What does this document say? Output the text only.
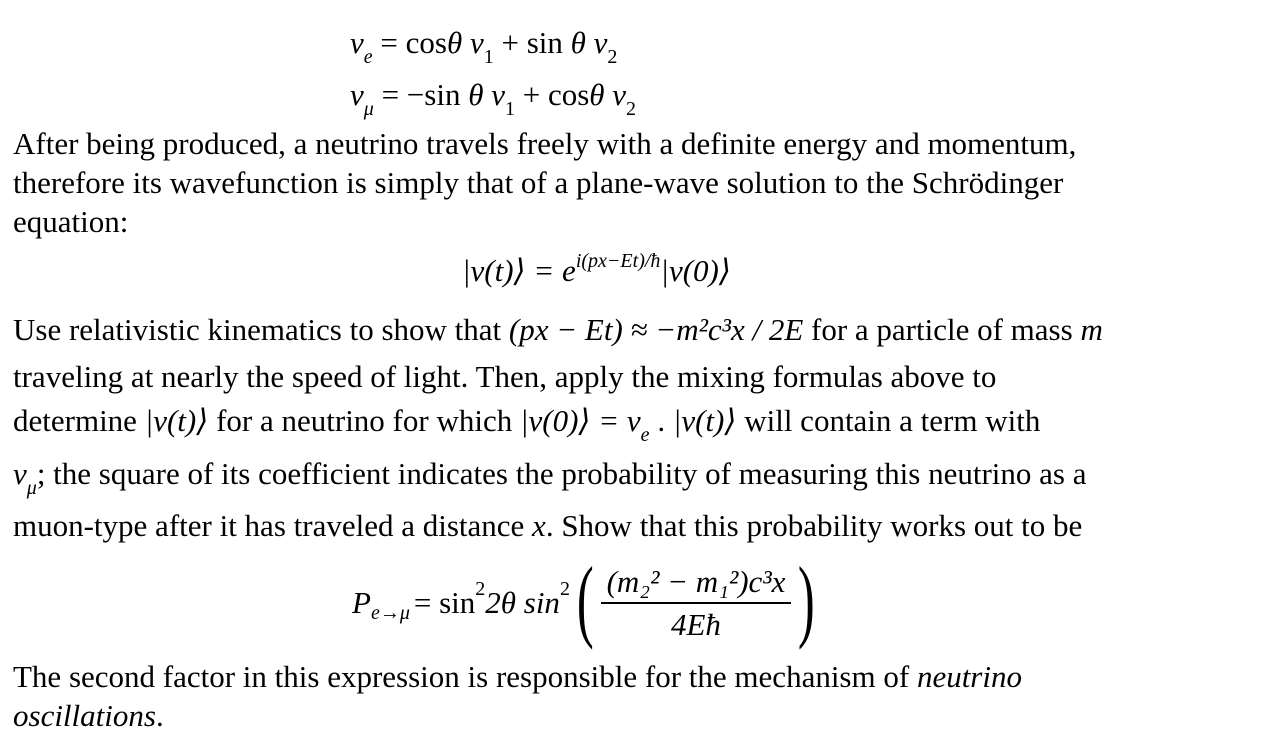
$\nu_e = \cos\theta$ $\nu_1 + \sin \theta$ $\nu_2$
$\nu_\mu = -\sin$ θ $\nu_1 + \cos\theta$ $\nu_2$
After being produced, a neutrino travels freely with a definite energy and momentum,
therefore its wavefunction is simply that of a plane-wave solution to the Schrödinger
equation:
|ν(t)⟩ = $e^{i(px-Et)/ħ}|\nu(0)⟩$
Use relativistic kinematics to show that (px − Et) ≈ −m²c³x / 2E for a particle of mass m
traveling at nearly the speed of light. Then, apply the mixing formulas above to
determine |ν(t)⟩ for a neutrino for which |ν(0)⟩ = $\nu_e$ . |ν(t)⟩ will contain a term with
$\nu_\mu$; the square of its coefficient indicates the probability of measuring this neutrino as a
muon-type after it has traveled a distance x. Show that this probability works out to be
P e→μ = sin 2 2θ sin 2 ( $\frac{\text{(m₂² − m₁²)c³x}}{4Eħ}$ )
The second factor in this expression is responsible for the mechanism of neutrino
oscillations.
